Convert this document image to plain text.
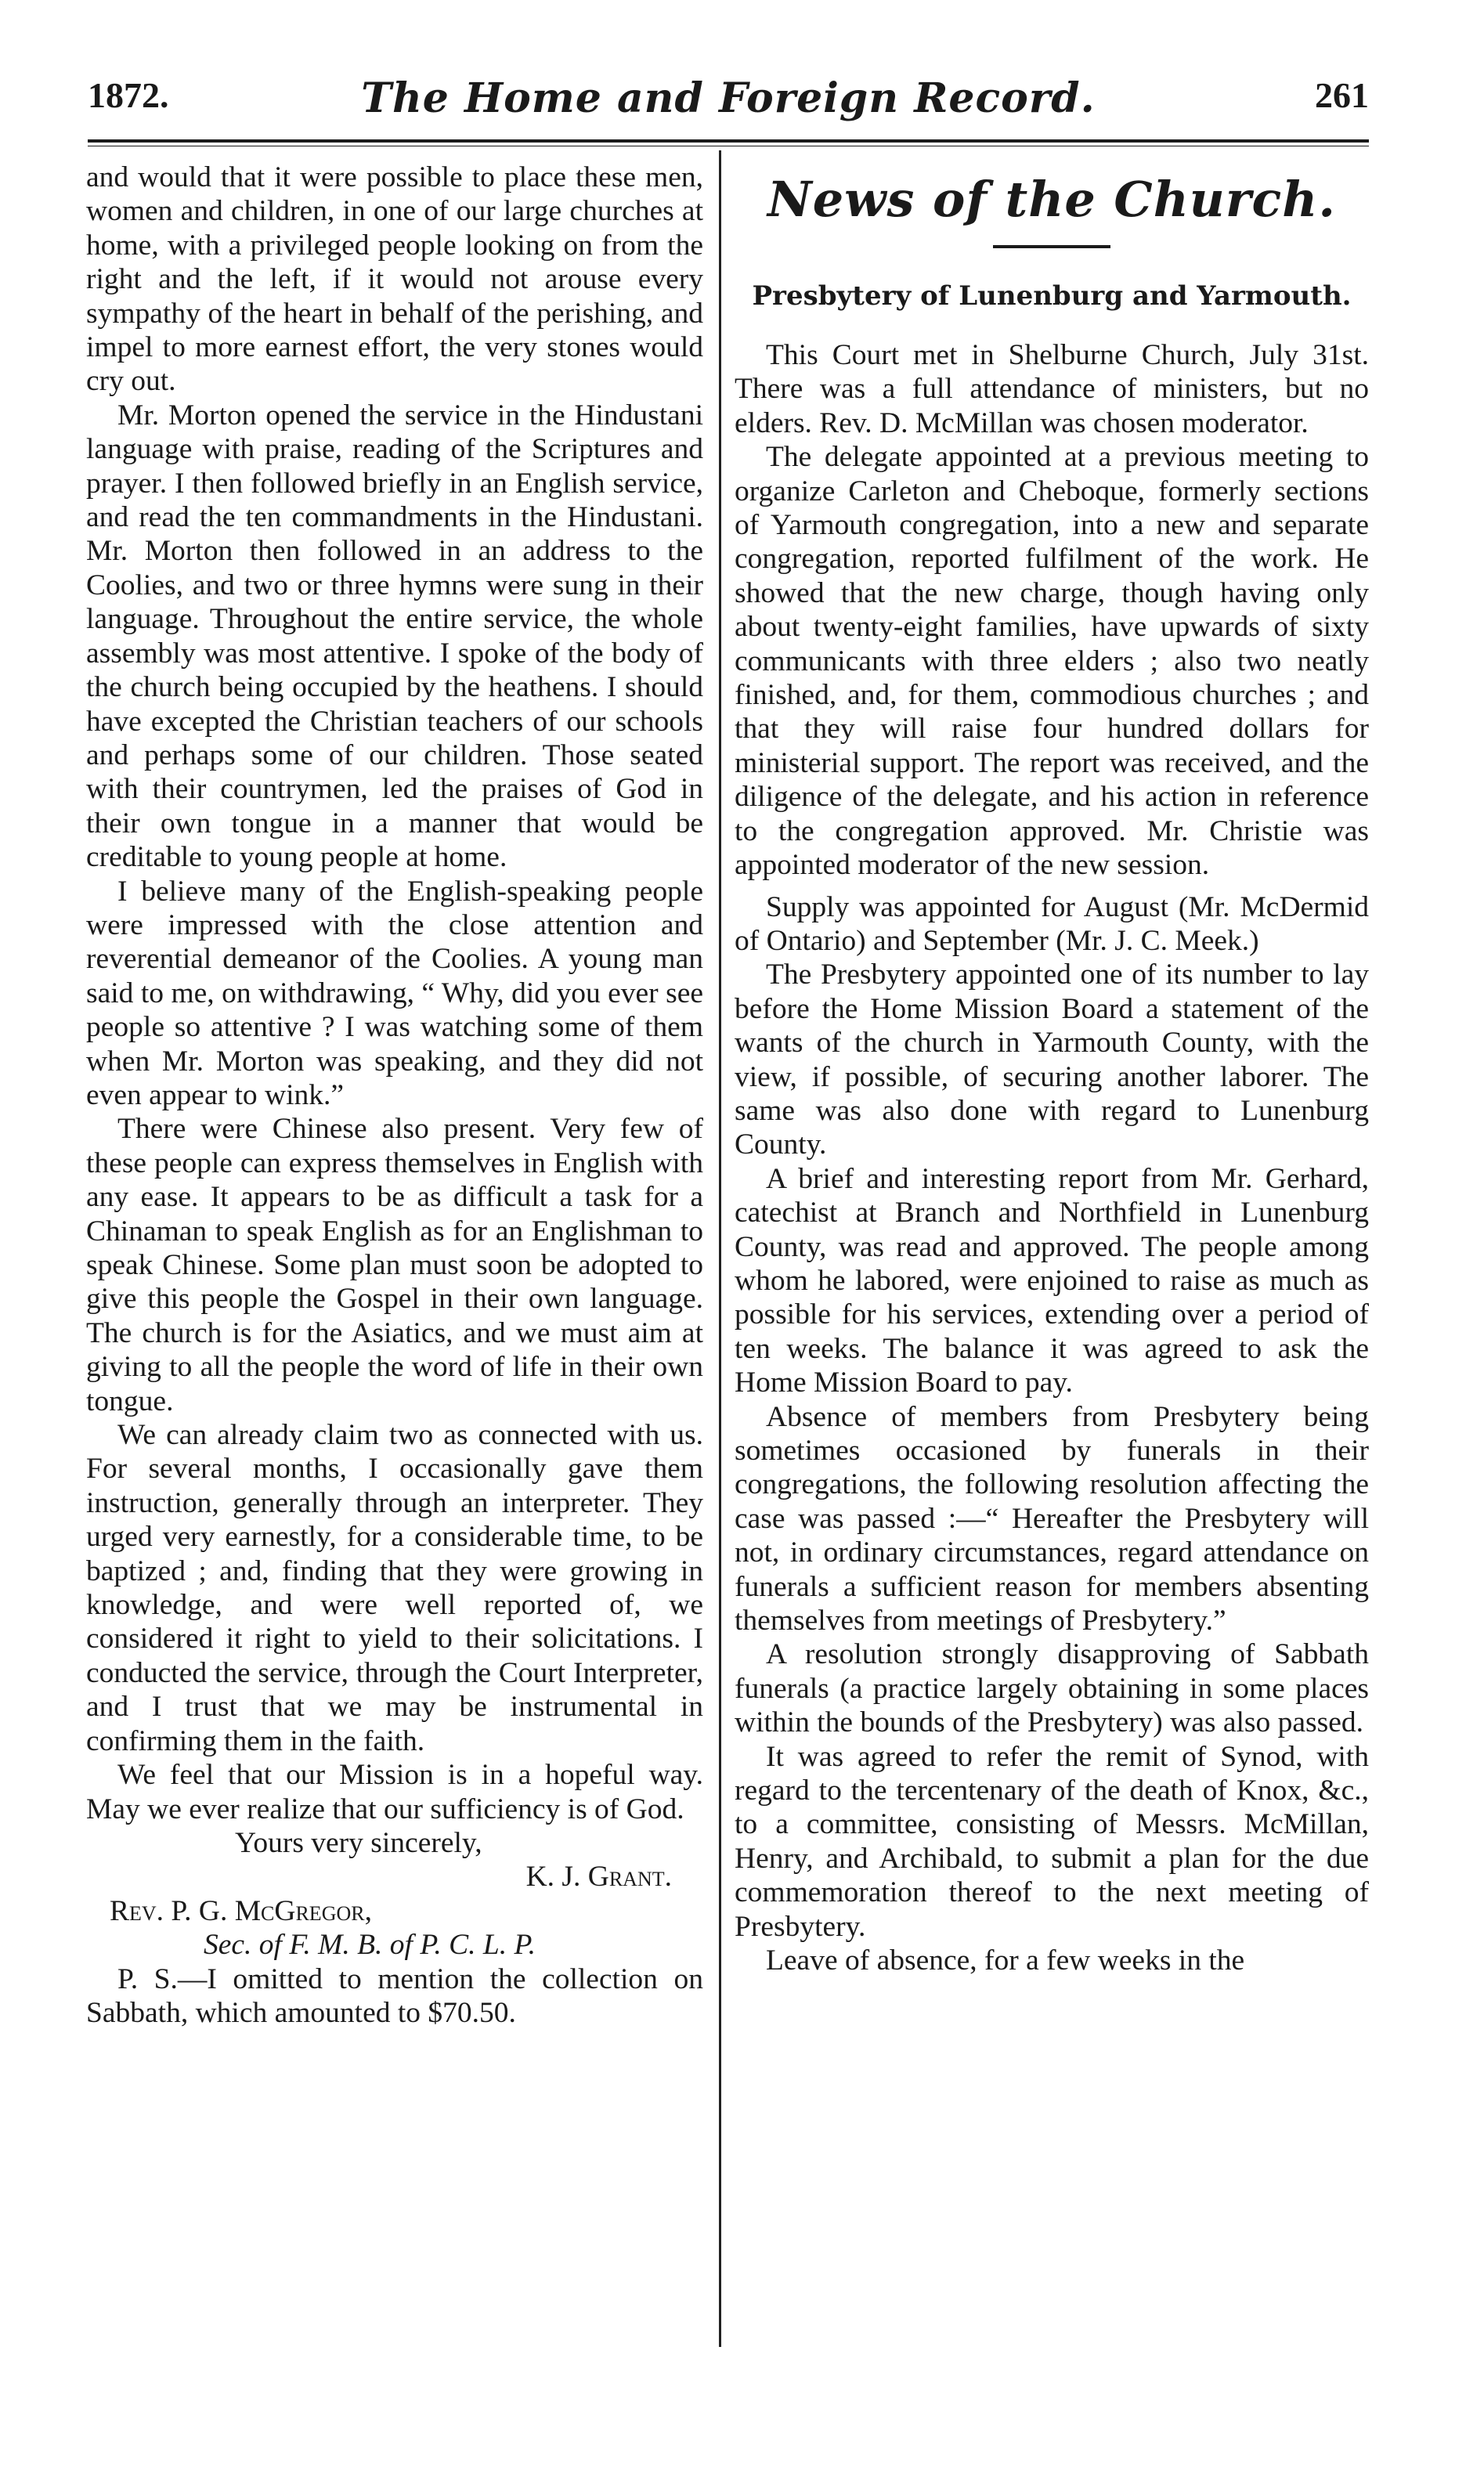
1872.	The Home and Foreign Record.	261

and would that it were possible to place these men, women and children, in one of our large churches at home, with a privileged people looking on from the right and the left, if it would not arouse every sympathy of the heart in behalf of the perishing, and impel to more earnest effort, the very stones would cry out.

Mr. Morton opened the service in the Hindustani language with praise, reading of the Scriptures and prayer. I then followed briefly in an English service, and read the ten commandments in the Hindustani. Mr. Morton then followed in an address to the Coolies, and two or three hymns were sung in their language. Throughout the entire service, the whole assembly was most attentive. I spoke of the body of the church being occupied by the heathens. I should have excepted the Christian teachers of our schools and perhaps some of our children. Those seated with their countrymen, led the praises of God in their own tongue in a manner that would be creditable to young people at home.

I believe many of the English-speaking people were impressed with the close attention and reverential demeanor of the Coolies. A young man said to me, on withdrawing, “ Why, did you ever see people so attentive ? I was watching some of them when Mr. Morton was speaking, and they did not even appear to wink.”

There were Chinese also present. Very few of these people can express themselves in English with any ease. It appears to be as difficult a task for a Chinaman to speak English as for an Englishman to speak Chinese. Some plan must soon be adopted to give this people the Gospel in their own language. The church is for the Asiatics, and we must aim at giving to all the people the word of life in their own tongue.

We can already claim two as connected with us. For several months, I occasionally gave them instruction, generally through an interpreter. They urged very earnestly, for a considerable time, to be baptized ; and, finding that they were growing in knowledge, and were well reported of, we considered it right to yield to their solicitations. I conducted the service, through the Court Interpreter, and I trust that we may be instrumental in confirming them in the faith.

We feel that our Mission is in a hopeful way. May we ever realize that our sufficiency is of God.

Yours very sincerely,

K. J. Grant.

Rev. P. G. McGregor,

Sec. of F. M. B. of P. C. L. P.

P. S.—I omitted to mention the collection on Sabbath, which amounted to $70.50.

News of the Church.
Presbytery of Lunenburg and Yarmouth.

This Court met in Shelburne Church, July 31st. There was a full attendance of ministers, but no elders. Rev. D. McMillan was chosen moderator.

The delegate appointed at a previous meeting to organize Carleton and Cheboque, formerly sections of Yarmouth congregation, into a new and separate congregation, reported fulfilment of the work. He showed that the new charge, though having only about twenty-eight families, have upwards of sixty communicants with three elders ; also two neatly finished, and, for them, commodious churches ; and that they will raise four hundred dollars for ministerial support. The report was received, and the diligence of the delegate, and his action in reference to the congregation approved. Mr. Christie was appointed moderator of the new session.

Supply was appointed for August (Mr. McDermid of Ontario) and September (Mr. J. C. Meek.)

The Presbytery appointed one of its number to lay before the Home Mission Board a statement of the wants of the church in Yarmouth County, with the view, if possible, of securing another laborer. The same was also done with regard to Lunenburg County.

A brief and interesting report from Mr. Gerhard, catechist at Branch and Northfield in Lunenburg County, was read and approved. The people among whom he labored, were enjoined to raise as much as possible for his services, extending over a period of ten weeks. The balance it was agreed to ask the Home Mission Board to pay.

Absence of members from Presbytery being sometimes occasioned by funerals in their congregations, the following resolution affecting the case was passed :—“ Hereafter the Presbytery will not, in ordinary circumstances, regard attendance on funerals a sufficient reason for members absenting themselves from meetings of Presbytery.”

A resolution strongly disapproving of Sabbath funerals (a practice largely obtaining in some places within the bounds of the Presbytery) was also passed.

It was agreed to refer the remit of Synod, with regard to the tercentenary of the death of Knox, &c., to a committee, consisting of Messrs. McMillan, Henry, and Archibald, to submit a plan for the due commemoration thereof to the next meeting of Presbytery.

Leave of absence, for a few weeks in the
